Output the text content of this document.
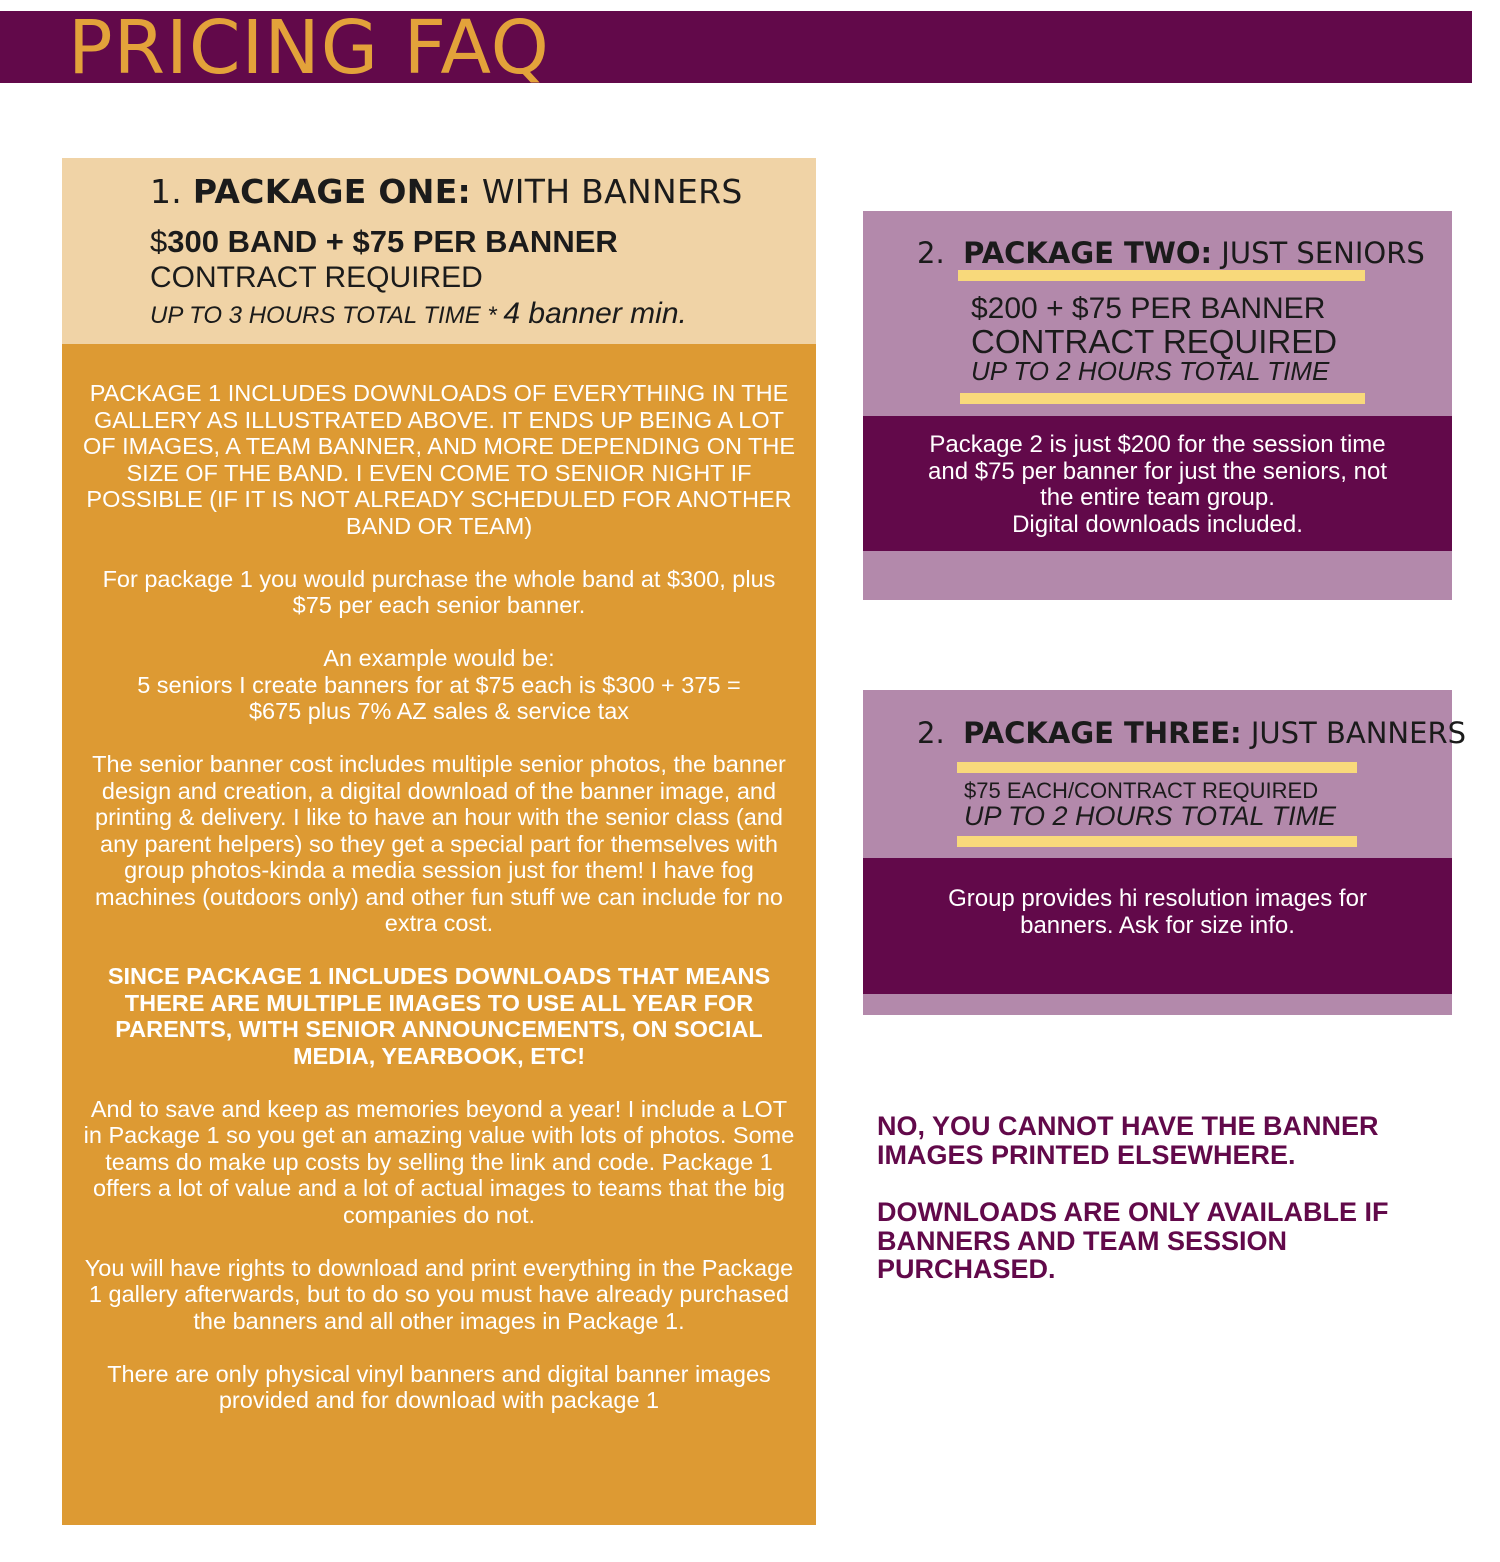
PRICING FAQ
1. PACKAGE ONE: WITH BANNERS
$300 BAND + $75 PER BANNER
CONTRACT REQUIRED
UP TO 3 HOURS TOTAL TIME * 4 banner min.

PACKAGE 1 INCLUDES DOWNLOADS OF EVERYTHING IN THE GALLERY AS ILLUSTRATED ABOVE. IT ENDS UP BEING A LOT OF IMAGES, A TEAM BANNER, AND MORE DEPENDING ON THE SIZE OF THE BAND. I EVEN COME TO SENIOR NIGHT IF POSSIBLE (IF IT IS NOT ALREADY SCHEDULED FOR ANOTHER BAND OR TEAM)

For package 1 you would purchase the whole band at $300, plus $75 per each senior banner.

An example would be:
5 seniors I create banners for at $75 each is $300 + 375 =
$675 plus 7% AZ sales & service tax

The senior banner cost includes multiple senior photos, the banner design and creation, a digital download of the banner image, and printing & delivery. I like to have an hour with the senior class (and any parent helpers) so they get a special part for themselves with group photos-kinda a media session just for them! I have fog machines (outdoors only) and other fun stuff we can include for no extra cost.

SINCE PACKAGE 1 INCLUDES DOWNLOADS THAT MEANS THERE ARE MULTIPLE IMAGES TO USE ALL YEAR FOR PARENTS, WITH SENIOR ANNOUNCEMENTS, ON SOCIAL MEDIA, YEARBOOK, ETC!

And to save and keep as memories beyond a year! I include a LOT in Package 1 so you get an amazing value with lots of photos. Some teams do make up costs by selling the link and code. Package 1 offers a lot of value and a lot of actual images to teams that the big companies do not.

You will have rights to download and print everything in the Package 1 gallery afterwards, but to do so you must have already purchased the banners and all other images in Package 1.

There are only physical vinyl banners and digital banner images provided and for download with package 1

2. PACKAGE TWO: JUST SENIORS
$200 + $75 PER BANNER
CONTRACT REQUIRED
UP TO 2 HOURS TOTAL TIME

Package 2 is just $200 for the session time

and $75 per banner for just the seniors, not

the entire team group.

Digital downloads included.

2. PACKAGE THREE: JUST BANNERS
$75 EACH/CONTRACT REQUIRED
UP TO 2 HOURS TOTAL TIME

Group provides hi resolution images for

banners. Ask for size info.

NO, YOU CANNOT HAVE THE BANNER IMAGES PRINTED ELSEWHERE.

DOWNLOADS ARE ONLY AVAILABLE IF BANNERS AND TEAM SESSION PURCHASED.
